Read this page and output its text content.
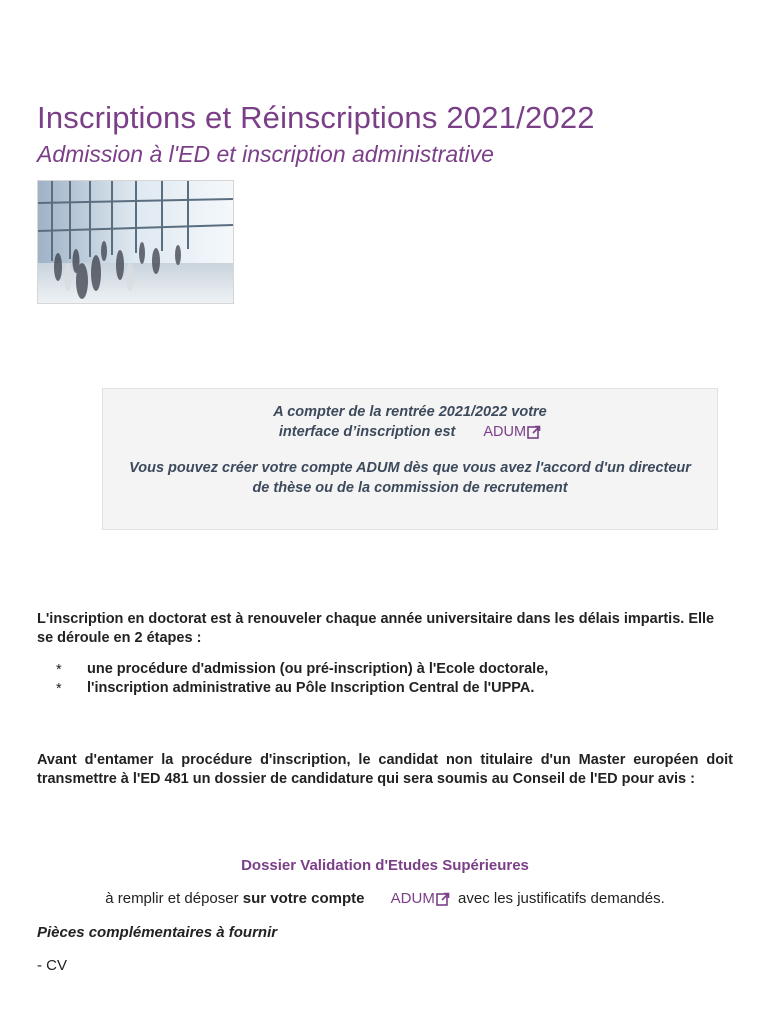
Inscriptions et Réinscriptions 2021/2022
Admission à l'ED et inscription administrative
A compter de la rentrée 2021/2022 votre
interface d’inscription est ADUM
Vous pouvez créer votre compte ADUM dès que vous avez l'accord d'un directeur de thèse ou de la commission de recrutement
L'inscription en doctorat est à renouveler chaque année universitaire dans les délais impartis. Elle se déroule en 2 étapes :
* une procédure d'admission (ou pré-inscription) à l'Ecole doctorale,
* l'inscription administrative au Pôle Inscription Central de l'UPPA.
Avant d'entamer la procédure d'inscription, le candidat non titulaire d'un Master européen doit transmettre à l'ED 481 un dossier de candidature qui sera soumis au Conseil de l'ED pour avis :
Dossier Validation d'Etudes Supérieures
à remplir et déposer sur votre compte ADUM avec les justificatifs demandés.
Pièces complémentaires à fournir
- CV
